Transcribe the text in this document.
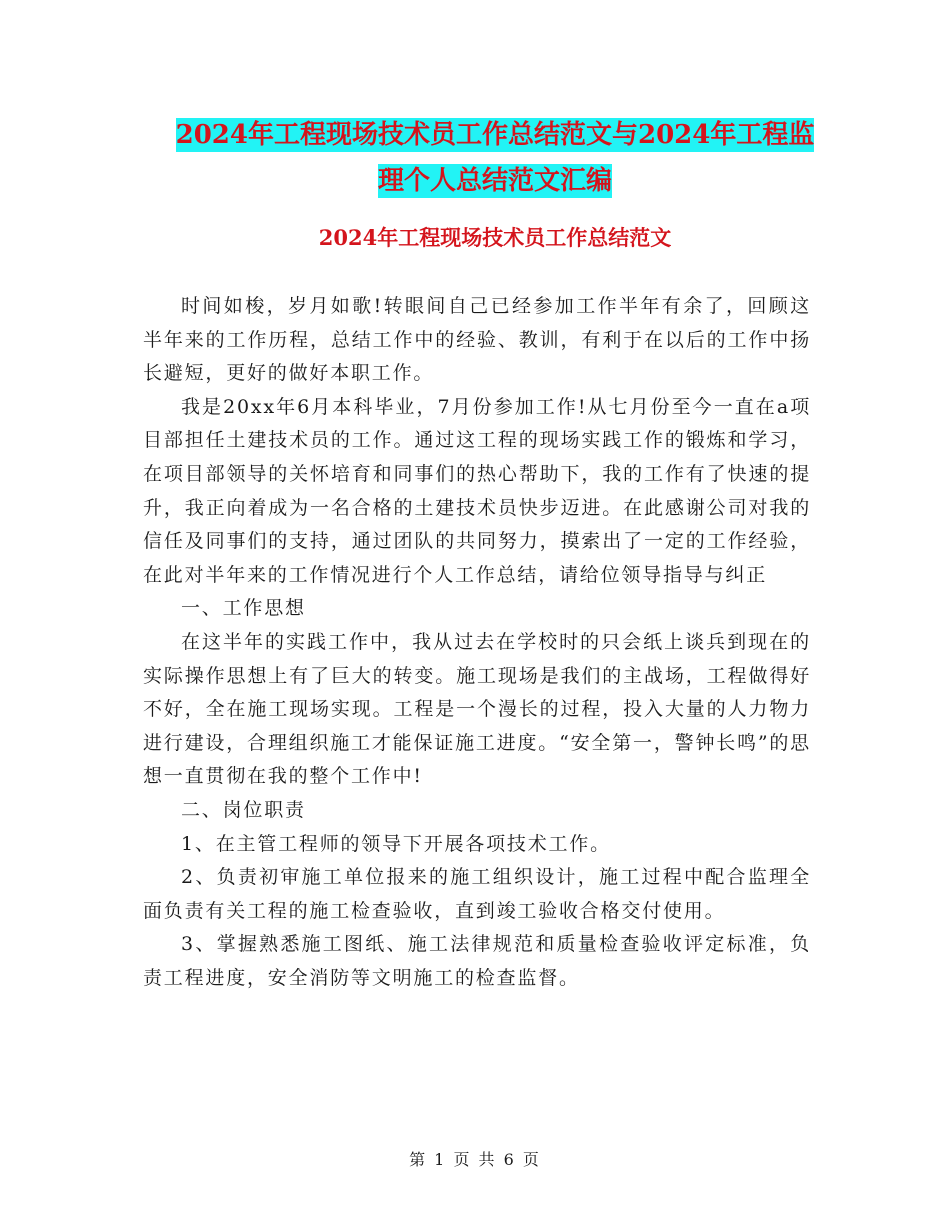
2024年工程现场技术员工作总结范文与2024年工程监
理个人总结范文汇编
2024年工程现场技术员工作总结范文

时间如梭，岁月如歌!转眼间自己已经参加工作半年有余了，回顾这半年来的工作历程，总结工作中的经验、教训，有利于在以后的工作中扬长避短，更好的做好本职工作。

我是20xx年6月本科毕业，7月份参加工作!从七月份至今一直在a项目部担任土建技术员的工作。通过这工程的现场实践工作的锻炼和学习，在项目部领导的关怀培育和同事们的热心帮助下，我的工作有了快速的提升，我正向着成为一名合格的土建技术员快步迈进。在此感谢公司对我的信任及同事们的支持，通过团队的共同努力，摸索出了一定的工作经验，在此对半年来的工作情况进行个人工作总结，请给位领导指导与纠正

一、工作思想

在这半年的实践工作中，我从过去在学校时的只会纸上谈兵到现在的实际操作思想上有了巨大的转变。施工现场是我们的主战场，工程做得好不好，全在施工现场实现。工程是一个漫长的过程，投入大量的人力物力进行建设，合理组织施工才能保证施工进度。“安全第一，警钟长鸣”的思想一直贯彻在我的整个工作中!

二、岗位职责

1、在主管工程师的领导下开展各项技术工作。

2、负责初审施工单位报来的施工组织设计，施工过程中配合监理全面负责有关工程的施工检查验收，直到竣工验收合格交付使用。

3、掌握熟悉施工图纸、施工法律规范和质量检查验收评定标准，负责工程进度，安全消防等文明施工的检查监督。

第 1 页 共 6 页
